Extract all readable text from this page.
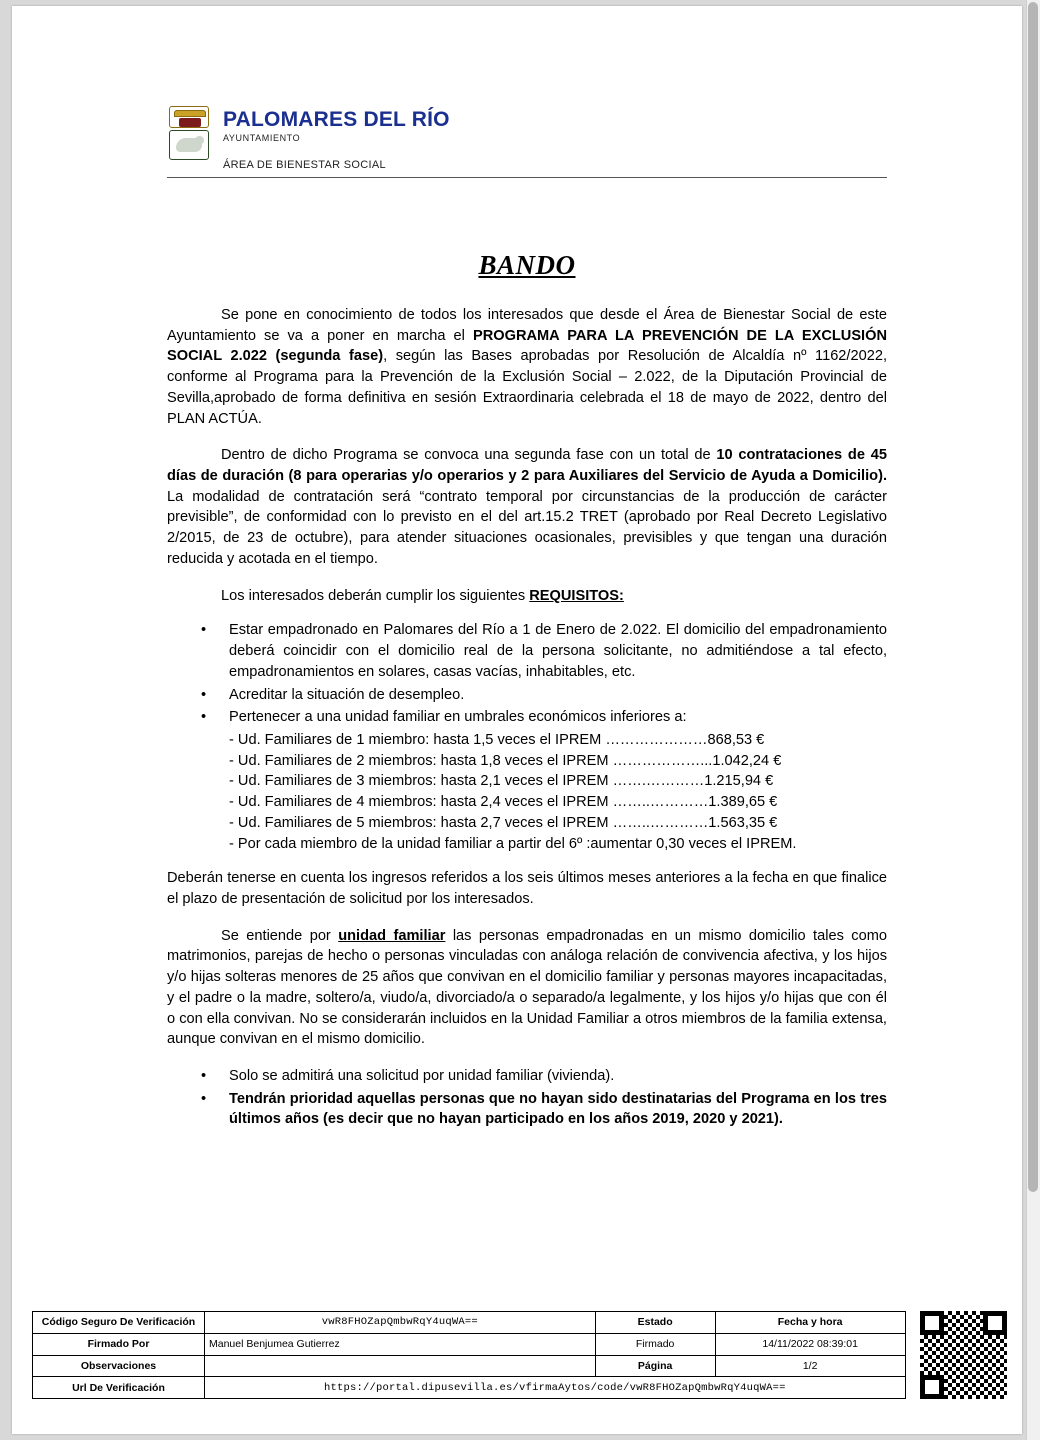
PALOMARES DEL RÍO
AYUNTAMIENTO
ÁREA DE BIENESTAR SOCIAL
BANDO

Se pone en conocimiento de todos los interesados que desde el Área de Bienestar Social de este Ayuntamiento se va a poner en marcha el PROGRAMA PARA LA PREVENCIÓN DE LA EXCLUSIÓN SOCIAL 2.022 (segunda fase), según las Bases aprobadas por Resolución de Alcaldía nº 1162/2022, conforme al Programa para la Prevención de la Exclusión Social – 2.022, de la Diputación Provincial de Sevilla,aprobado de forma definitiva en sesión Extraordinaria celebrada el 18 de mayo de 2022, dentro del PLAN ACTÚA.

Dentro de dicho Programa se convoca una segunda fase con un total de 10 contrataciones de 45 días de duración (8 para operarias y/o operarios y 2 para Auxiliares del Servicio de Ayuda a Domicilio). La modalidad de contratación será “contrato temporal por circunstancias de la producción de carácter previsible”, de conformidad con lo previsto en el del art.15.2 TRET (aprobado por Real Decreto Legislativo 2/2015, de 23 de octubre), para atender situaciones ocasionales, previsibles y que tengan una duración reducida y acotada en el tiempo.

Los interesados deberán cumplir los siguientes REQUISITOS:

• Estar empadronado en Palomares del Río a 1 de Enero de 2.022. El domicilio del empadronamiento deberá coincidir con el domicilio real de la persona solicitante, no admitiéndose a tal efecto, empadronamientos en solares, casas vacías, inhabitables, etc.
• Acreditar la situación de desempleo.
• Pertenecer a una unidad familiar en umbrales económicos inferiores a:
- Ud. Familiares de 1 miembro: hasta 1,5 veces el IPREM …………………868,53 €
- Ud. Familiares de 2 miembros: hasta 1,8 veces el IPREM ………………...1.042,24 €
- Ud. Familiares de 3 miembros: hasta 2,1 veces el IPREM …….…………1.215,94 €
- Ud. Familiares de 4 miembros: hasta 2,4 veces el IPREM ……..…………1.389,65 €
- Ud. Familiares de 5 miembros: hasta 2,7 veces el IPREM ……..…………1.563,35 €
- Por cada miembro de la unidad familiar a partir del 6º :aumentar 0,30 veces el IPREM.

Deberán tenerse en cuenta los ingresos referidos a los seis últimos meses anteriores a la fecha en que finalice el plazo de presentación de solicitud por los interesados.

Se entiende por unidad familiar las personas empadronadas en un mismo domicilio tales como matrimonios, parejas de hecho o personas vinculadas con análoga relación de convivencia afectiva, y los hijos y/o hijas solteras menores de 25 años que convivan en el domicilio familiar y personas mayores incapacitadas, y el padre o la madre, soltero/a, viudo/a, divorciado/a o separado/a legalmente, y los hijos y/o hijas que con él o con ella convivan. No se considerarán incluidos en la Unidad Familiar a otros miembros de la familia extensa, aunque convivan en el mismo domicilio.

• Solo se admitirá una solicitud por unidad familiar (vivienda).
• Tendrán prioridad aquellas personas que no hayan sido destinatarias del Programa en los tres últimos años (es decir que no hayan participado en los años 2019, 2020 y 2021).
Código Seguro De Verificación	vwR8FHOZapQmbwRqY4uqWA==	Estado	Fecha y hora
Firmado Por	Manuel Benjumea Gutierrez	Firmado	14/11/2022 08:39:01
Observaciones		Página	1/2
Url De Verificación	https://portal.dipusevilla.es/vfirmaAytos/code/vwR8FHOZapQmbwRqY4uqWA==		
